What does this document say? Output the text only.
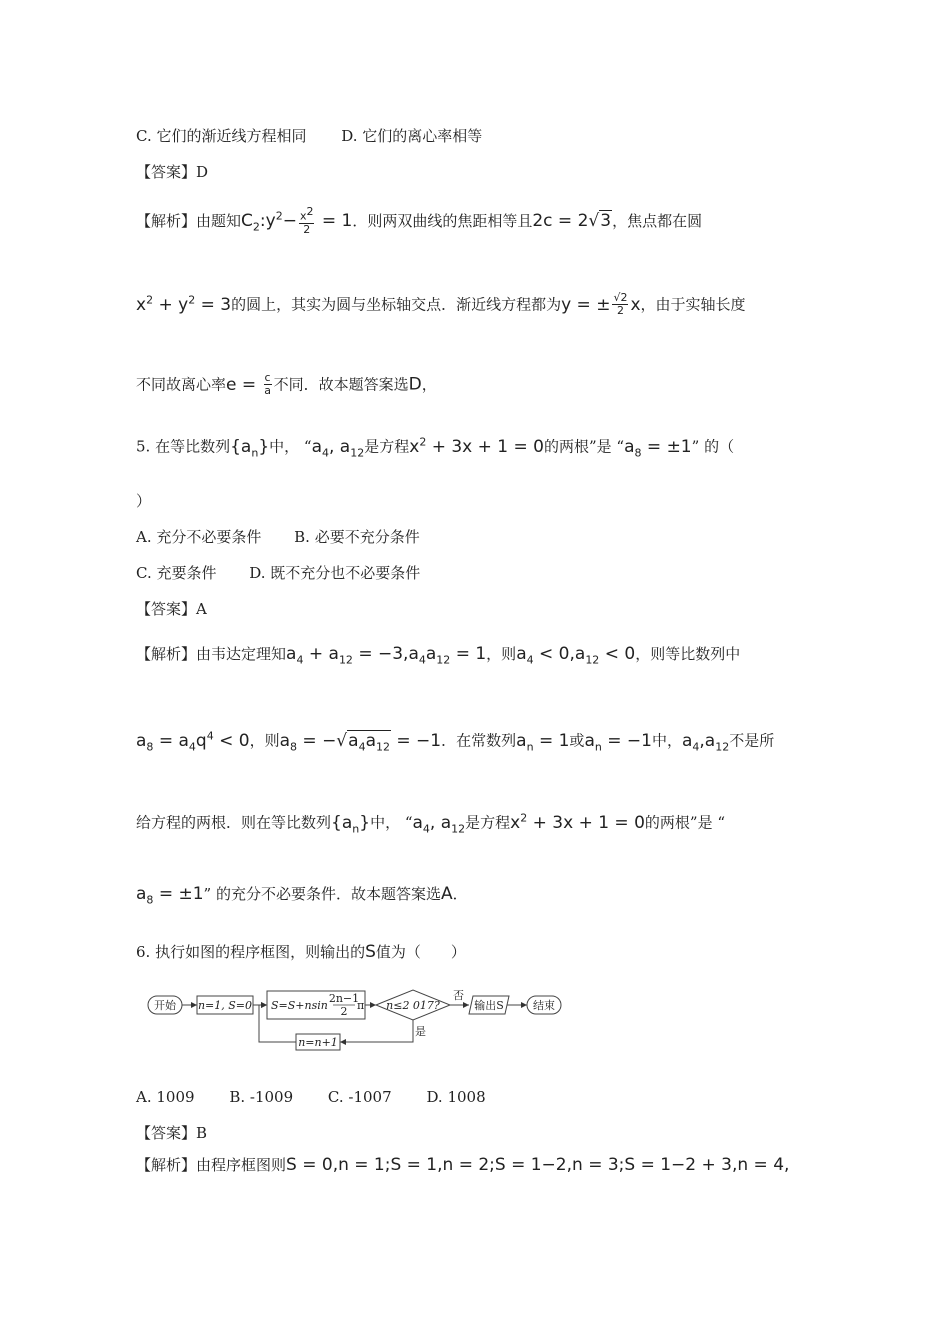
C. 它们的渐近线方程相同 D. 它们的离心率相等
【答案】D
【解析】由题知$C_2:y^2- \frac{x^2}{2} = 1$．则两双曲线的焦距相等且2c = 2√3，焦点都在圆
$x^2 + y^2 = 3$的圆上，其实为圆与坐标轴交点．渐近线方程都为y = ± $\frac{√2}{2}$ x，由于实轴长度
不同故离心率$e = \frac{c}{a}$ 不同．故本题答案选D，
5. 在等比数列$\{a_n\}$中， “$a_4$, $a_{12}$是方程$x^2 + 3x + 1 = 0$的两根”是 “$a_8 = \pm 1$” 的（
）
A. 充分不必要条件 B. 必要不充分条件
C. 充要条件 D. 既不充分也不必要条件
【答案】A
【解析】由韦达定理知$a_4 + a_{12} = -3,a_4a_{12} = 1$，则$a_4 < 0,a_{12} < 0$，则等比数列中
$a_8 = a_4q^4 < 0$，则$a_8 = -√a_4a_{12} = -1$．在常数列$a_n = 1$或$a_n = -1$中，$a_4,a_{12}$不是所
给方程的两根．则在等比数列$\{a_n\}$中， “$a_4$, $a_{12}$是方程$x^2 + 3x + 1 = 0$的两根”是 “
$a_8 = \pm 1$” 的充分不必要条件．故本题答案选A．
6. 执行如图的程序框图，则输出的S值为（　　）
开始 n=1, S=0 S=S+nsin
2n−1
2 π n≤2 017?
否
输出S	结束
是
n=n+1
A. 1009 B. -1009 C. -1007 D. 1008
【答案】B
【解析】由程序框图则S = 0,n = 1;S = 1,n = 2;S = 1−2,n = 3;S = 1−2 + 3,n = 4,
